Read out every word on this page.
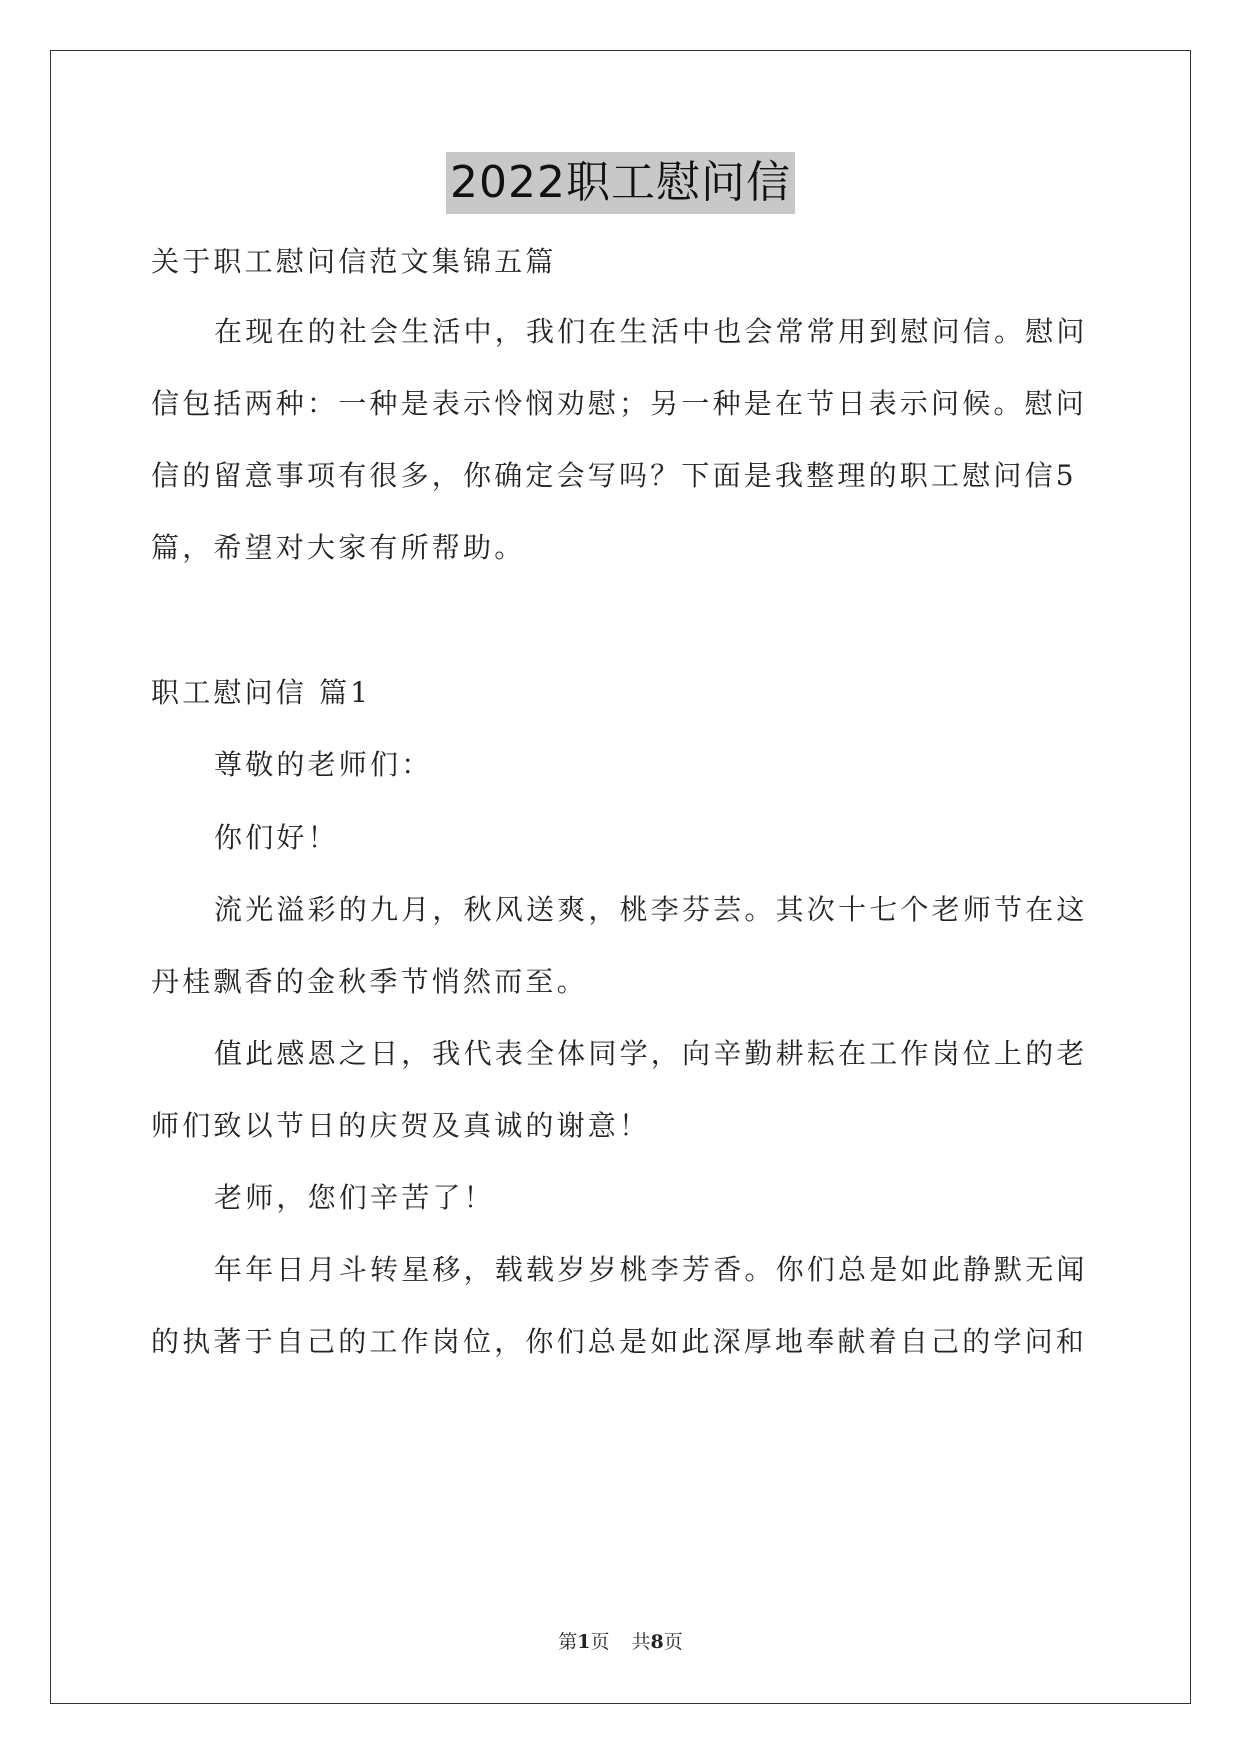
2022职工慰问信
关于职工慰问信范文集锦五篇
在现在的社会生活中，我们在生活中也会常常用到慰问信。慰问
信包括两种：一种是表示怜悯劝慰；另一种是在节日表示问候。慰问
信的留意事项有很多，你确定会写吗？下面是我整理的职工慰问信5
篇，希望对大家有所帮助。
职工慰问信 篇1
尊敬的老师们：
你们好！
流光溢彩的九月，秋风送爽，桃李芬芸。其次十七个老师节在这
丹桂飘香的金秋季节悄然而至。
值此感恩之日，我代表全体同学，向辛勤耕耘在工作岗位上的老
师们致以节日的庆贺及真诚的谢意！
老师，您们辛苦了！
年年日月斗转星移，载载岁岁桃李芳香。你们总是如此静默无闻
的执著于自己的工作岗位，你们总是如此深厚地奉献着自己的学问和
第1页 共8页
